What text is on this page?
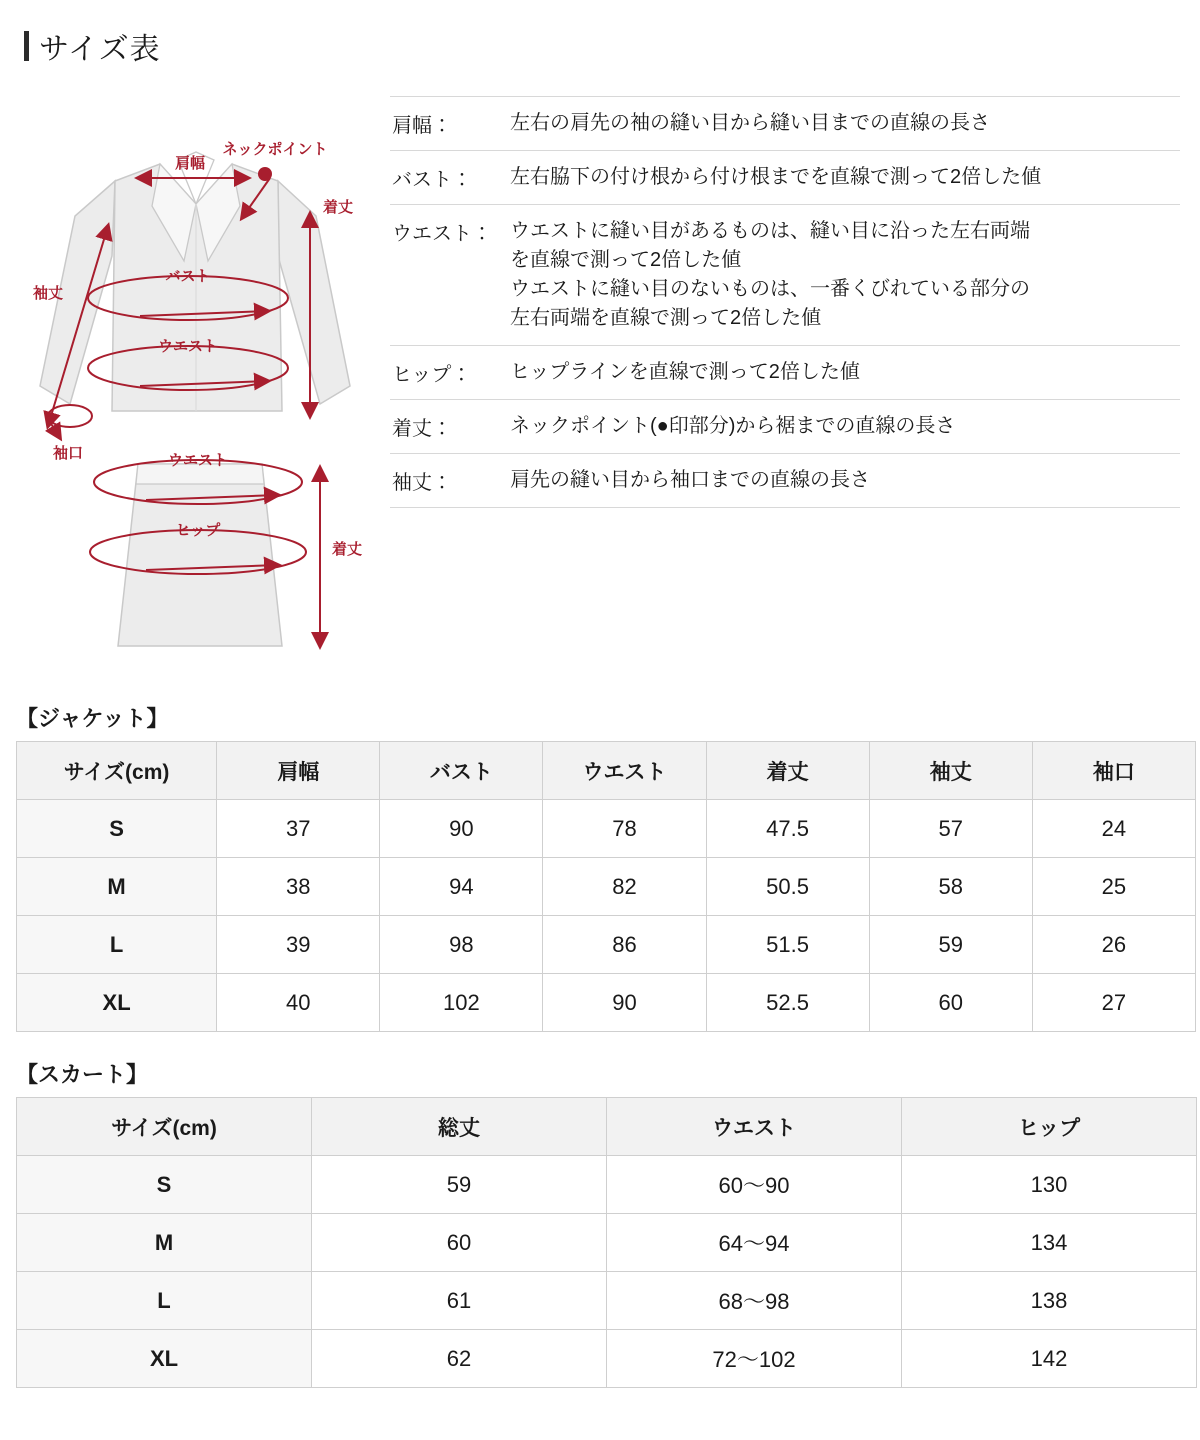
サイズ表
肩幅
ネックポイント
着丈
袖丈
バスト
ウエスト
袖口	ウエスト
ヒップ
着丈
肩幅：	左右の肩先の袖の縫い目から縫い目までの直線の長さ
バスト：	左右脇下の付け根から付け根までを直線で測って2倍した値
ウエスト： ウエストに縫い目があるものは、縫い目に沿った左右両端
を直線で測って2倍した値
ウエストに縫い目のないものは、一番くびれている部分の
左右両端を直線で測って2倍した値
ヒップ：	ヒップラインを直線で測って2倍した値
着丈：	ネックポイント(●印部分)から裾までの直線の長さ
袖丈：	肩先の縫い目から袖口までの直線の長さ
【ジャケット】
サイズ(cm)	肩幅	バスト	ウエスト	着丈	袖丈	袖口
S	37	90	78	47.5	57	24
M	38	94	82	50.5	58	25
L	39	98	86	51.5	59	26
XL	40	102	90	52.5	60	27
【スカート】
サイズ(cm)	総丈	ウエスト	ヒップ
S	59	60〜90	130
M	60	64〜94	134
L	61	68〜98	138
XL	62	72〜102	142
